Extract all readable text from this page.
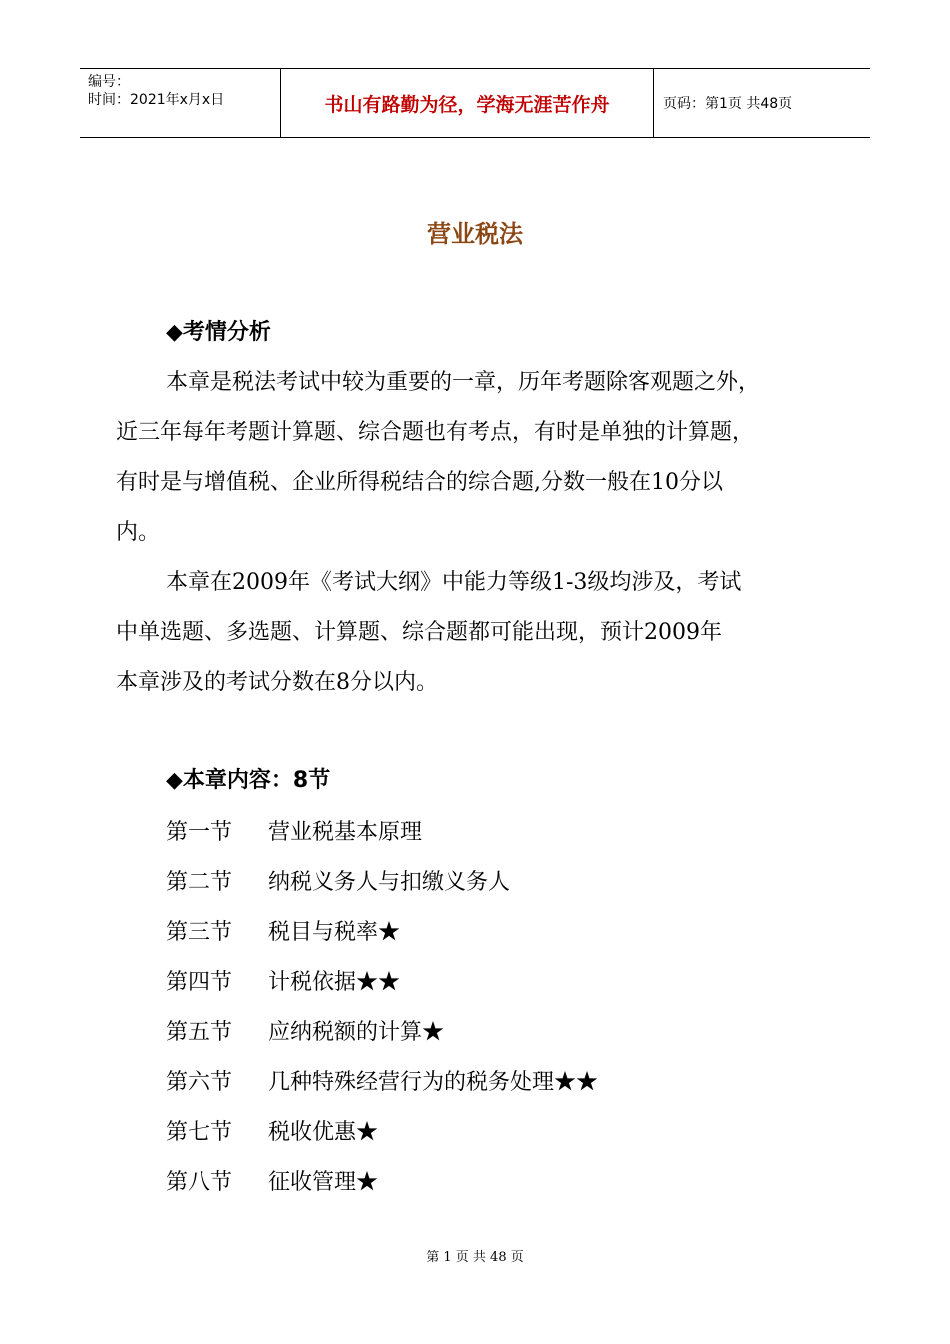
编号：
时间：2021年x月x日	书山有路勤为径，学海无涯苦作舟	页码：第1页 共48页
营业税法
◆考情分析
本章是税法考试中较为重要的一章，历年考题除客观题之外，
近三年每年考题计算题、综合题也有考点，有时是单独的计算题，
有时是与增值税、企业所得税结合的综合题,分数一般在10分以
内。
本章在2009年《考试大纲》中能力等级1-3级均涉及，考试
中单选题、多选题、计算题、综合题都可能出现，预计2009年
本章涉及的考试分数在8分以内。
◆本章内容：8节
第一节	营业税基本原理
第二节	纳税义务人与扣缴义务人
第三节	税目与税率★
第四节	计税依据★★
第五节	应纳税额的计算★
第六节	几种特殊经营行为的税务处理★★
第七节	税收优惠★
第八节	征收管理★
第 1 页 共 48 页
